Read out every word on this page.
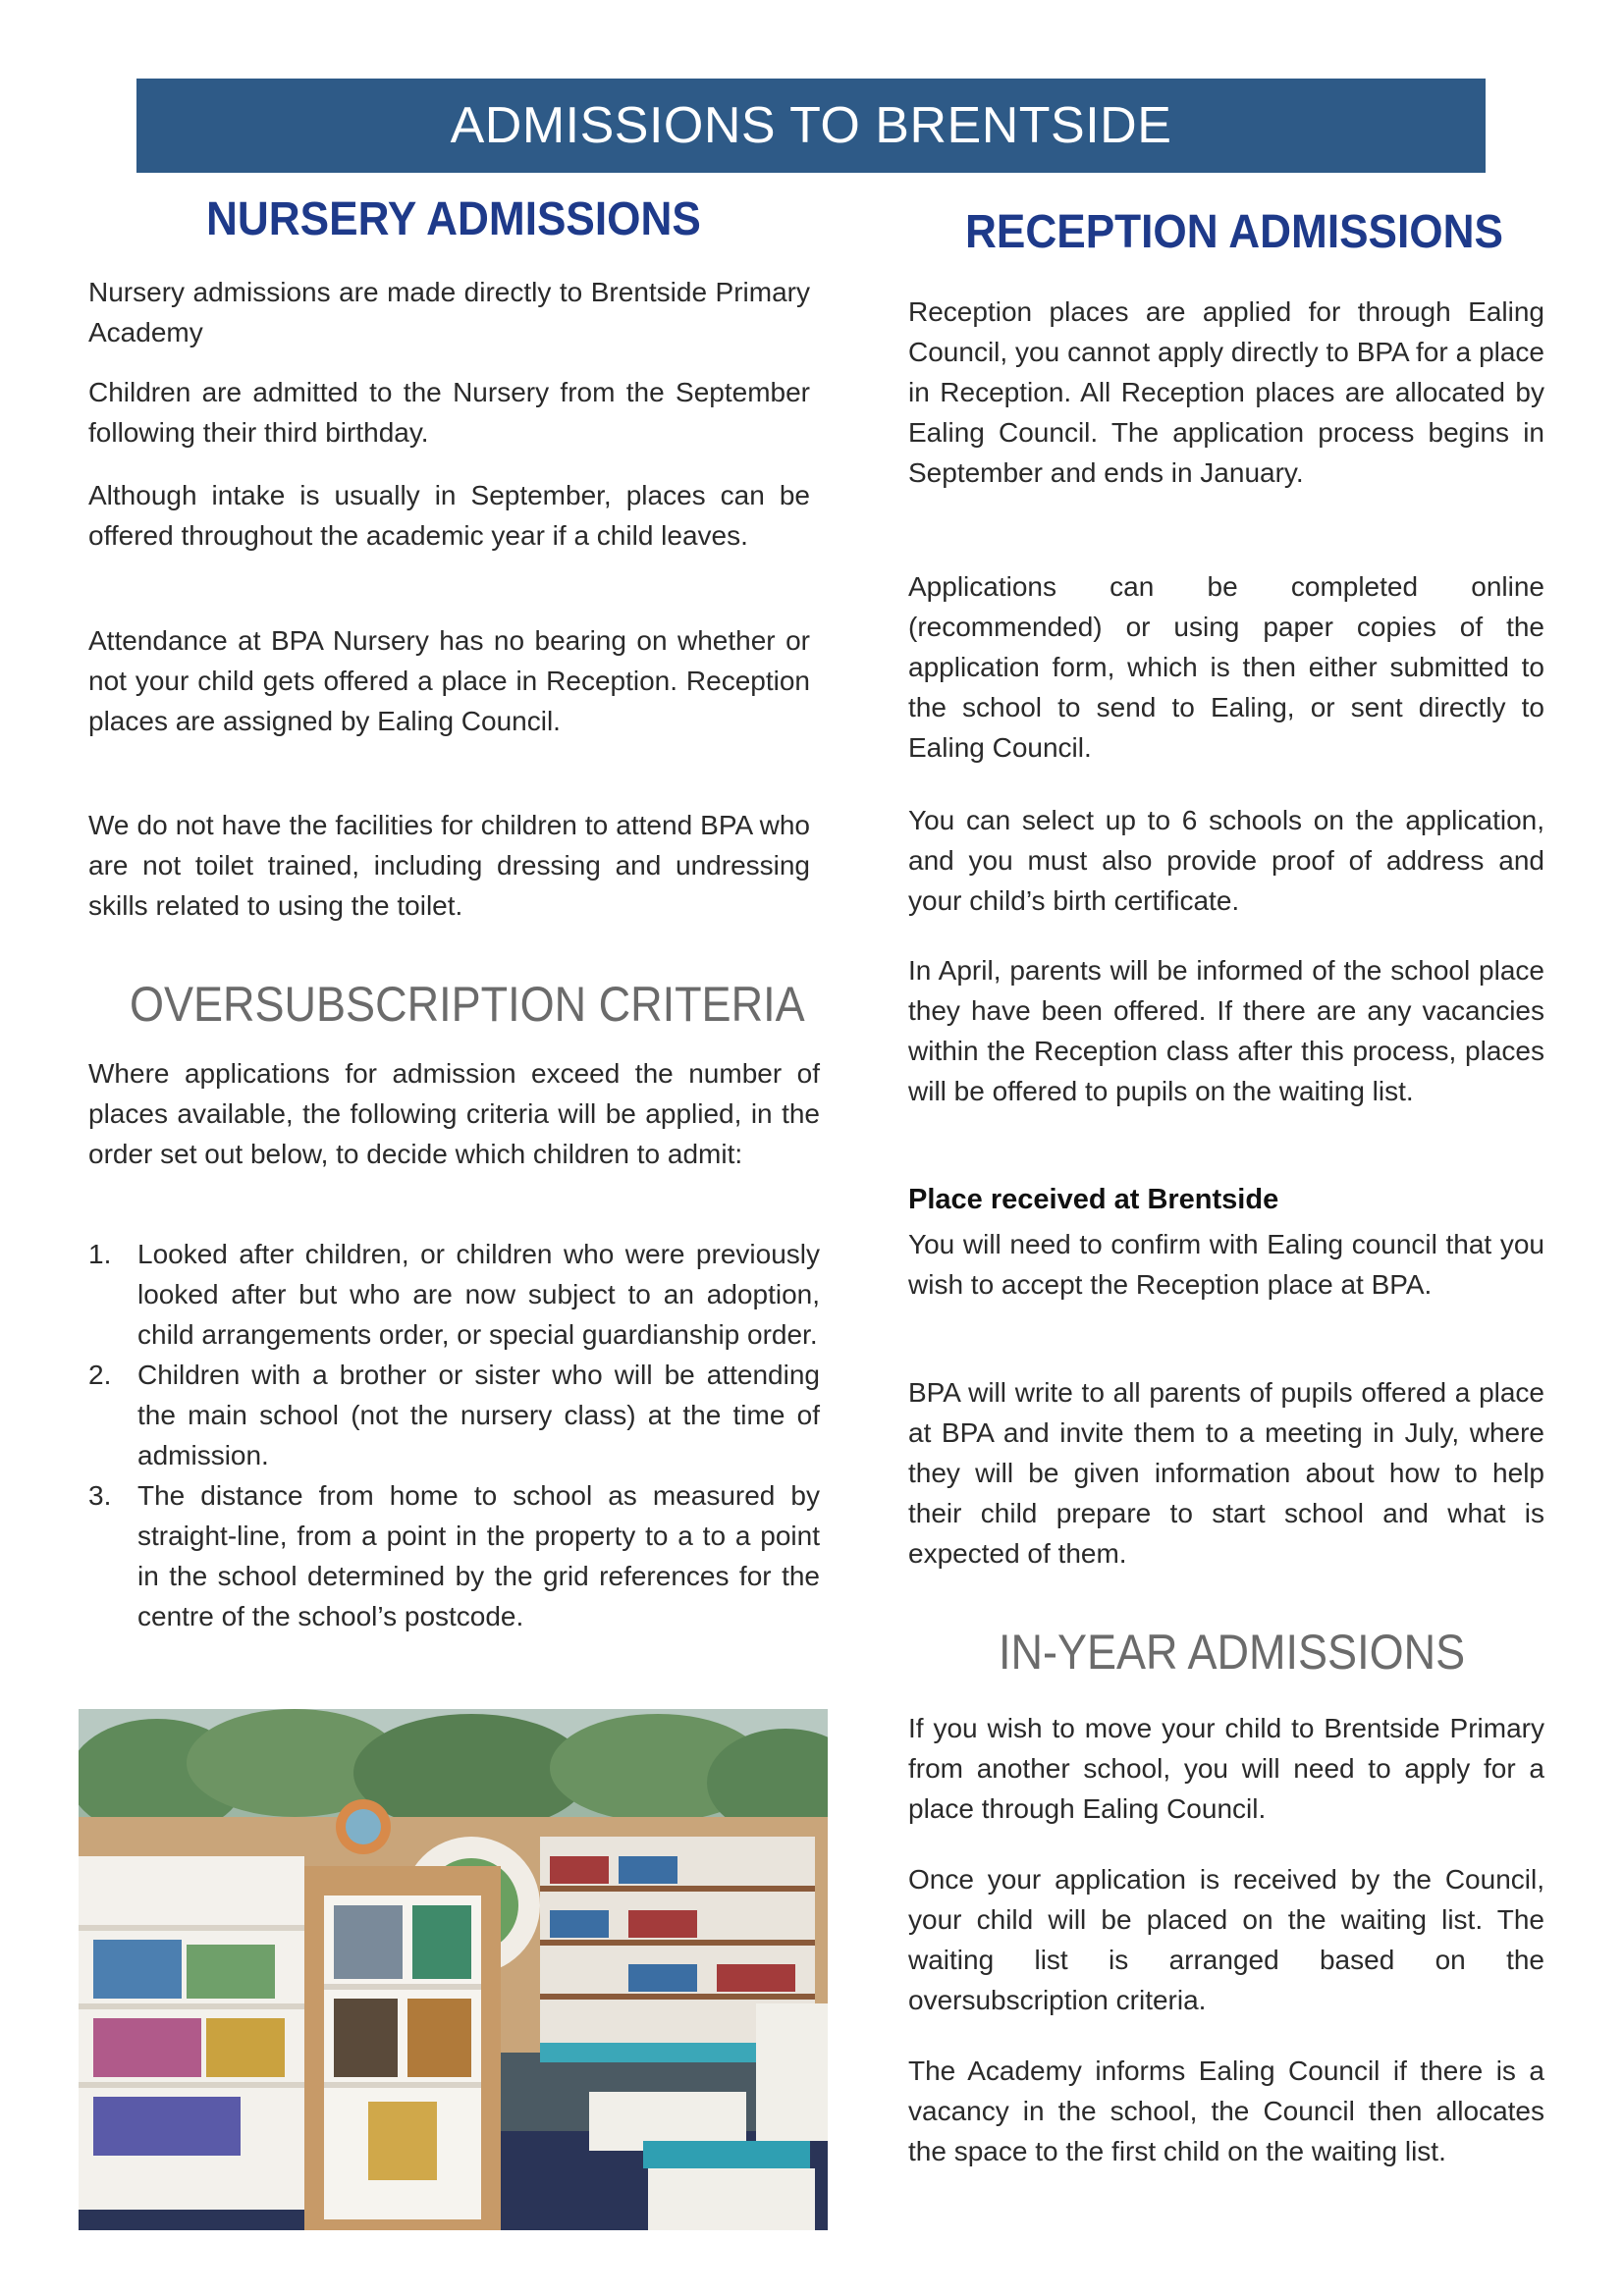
ADMISSIONS TO BRENTSIDE
NURSERY ADMISSIONS

Nursery admissions are made directly to Brentside Primary Academy

Children are admitted to the Nursery from the September following their third birthday.

Although intake is usually in September, places can be offered throughout the academic year if a child leaves.

Attendance at BPA Nursery has no bearing on whether or not your child gets offered a place in Reception. Reception places are assigned by Ealing Council.

We do not have the facilities for children to attend BPA who are not toilet trained, including dressing and undressing skills related to using the toilet.

OVERSUBSCRIPTION CRITERIA

Where applications for admission exceed the number of places available, the following criteria will be applied, in the order set out below, to decide which children to admit:

1. Looked after children, or children who were previously looked after but who are now subject to an adoption, child arrangements order, or special guardianship order.
2. Children with a brother or sister who will be attending the main school (not the nursery class) at the time of admission.
3. The distance from home to school as measured by straight-line, from a point in the property to a to a point in the school determined by the grid references for the centre of the school’s postcode.
RECEPTION ADMISSIONS

Reception places are applied for through Ealing Council, you cannot apply directly to BPA for a place in Reception. All Reception places are allocated by Ealing Council. The application process begins in September and ends in January.

Applications can be completed online (recommended) or using paper copies of the application form, which is then either submitted to the school to send to Ealing, or sent directly to Ealing Council.

You can select up to 6 schools on the application, and you must also provide proof of address and your child’s birth certificate.

In April, parents will be informed of the school place they have been offered. If there are any vacancies within the Reception class after this process, places will be offered to pupils on the waiting list.

Place received at Brentside

You will need to confirm with Ealing council that you wish to accept the Reception place at BPA.

BPA will write to all parents of pupils offered a place at BPA and invite them to a meeting in July, where they will be given information about how to help their child prepare to start school and what is expected of them.

IN-YEAR ADMISSIONS

If you wish to move your child to Brentside Primary from another school, you will need to apply for a place through Ealing Council.

Once your application is received by the Council, your child will be placed on the waiting list. The waiting list is arranged based on the oversubscription criteria.

The Academy informs Ealing Council if there is a vacancy in the school, the Council then allocates the space to the first child on the waiting list.
